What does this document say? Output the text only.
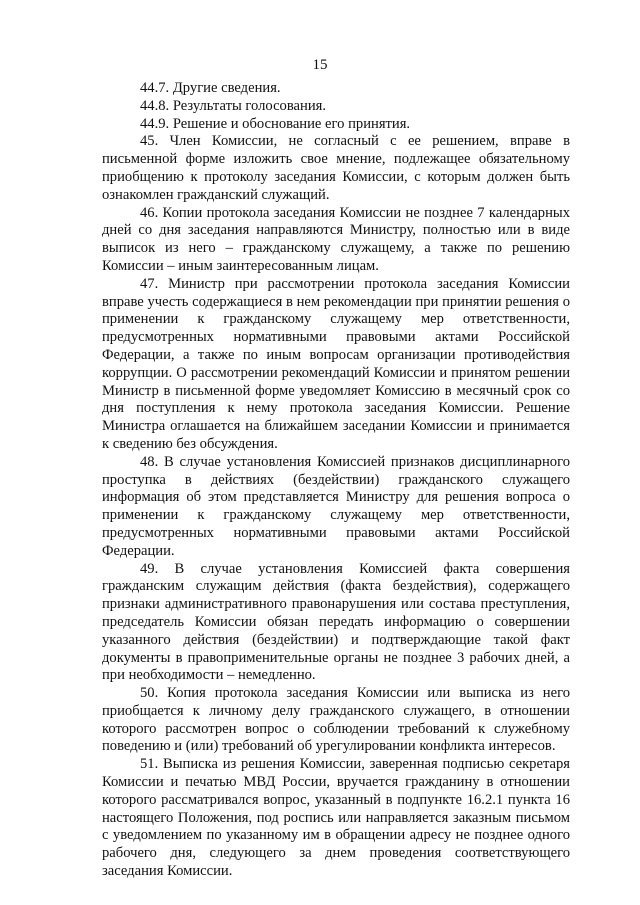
15

44.7. Другие сведения.

44.8. Результаты голосования.

44.9. Решение и обоснование его принятия.

45. Член Комиссии, не согласный с ее решением, вправе в письменной форме изложить свое мнение, подлежащее обязательному приобщению к протоколу заседания Комиссии, с которым должен быть ознакомлен гражданский служащий.

46. Копии протокола заседания Комиссии не позднее 7 календарных дней со дня заседания направляются Министру, полностью или в виде выписок из него – гражданскому служащему, а также по решению Комиссии – иным заинтересованным лицам.

47. Министр при рассмотрении протокола заседания Комиссии вправе учесть содержащиеся в нем рекомендации при принятии решения о применении к гражданскому служащему мер ответственности, предусмотренных нормативными правовыми актами Российской Федерации, а также по иным вопросам организации противодействия коррупции. О рассмотрении рекомендаций Комиссии и принятом решении Министр в письменной форме уведомляет Комиссию в месячный срок со дня поступления к нему протокола заседания Комиссии. Решение Министра оглашается на ближайшем заседании Комиссии и принимается к сведению без обсуждения.

48. В случае установления Комиссией признаков дисциплинарного проступка в действиях (бездействии) гражданского служащего информация об этом представляется Министру для решения вопроса о применении к гражданскому служащему мер ответственности, предусмотренных нормативными правовыми актами Российской Федерации.

49. В случае установления Комиссией факта совершения гражданским служащим действия (факта бездействия), содержащего признаки административного правонарушения или состава преступления, председатель Комиссии обязан передать информацию о совершении указанного действия (бездействии) и подтверждающие такой факт документы в правоприменительные органы не позднее 3 рабочих дней, а при необходимости – немедленно.

50. Копия протокола заседания Комиссии или выписка из него приобщается к личному делу гражданского служащего, в отношении которого рассмотрен вопрос о соблюдении требований к служебному поведению и (или) требований об урегулировании конфликта интересов.

51. Выписка из решения Комиссии, заверенная подписью секретаря Комиссии и печатью МВД России, вручается гражданину в отношении которого рассматривался вопрос, указанный в подпункте 16.2.1 пункта 16 настоящего Положения, под роспись или направляется заказным письмом с уведомлением по указанному им в обращении адресу не позднее одного рабочего дня, следующего за днем проведения соответствующего заседания Комиссии.
